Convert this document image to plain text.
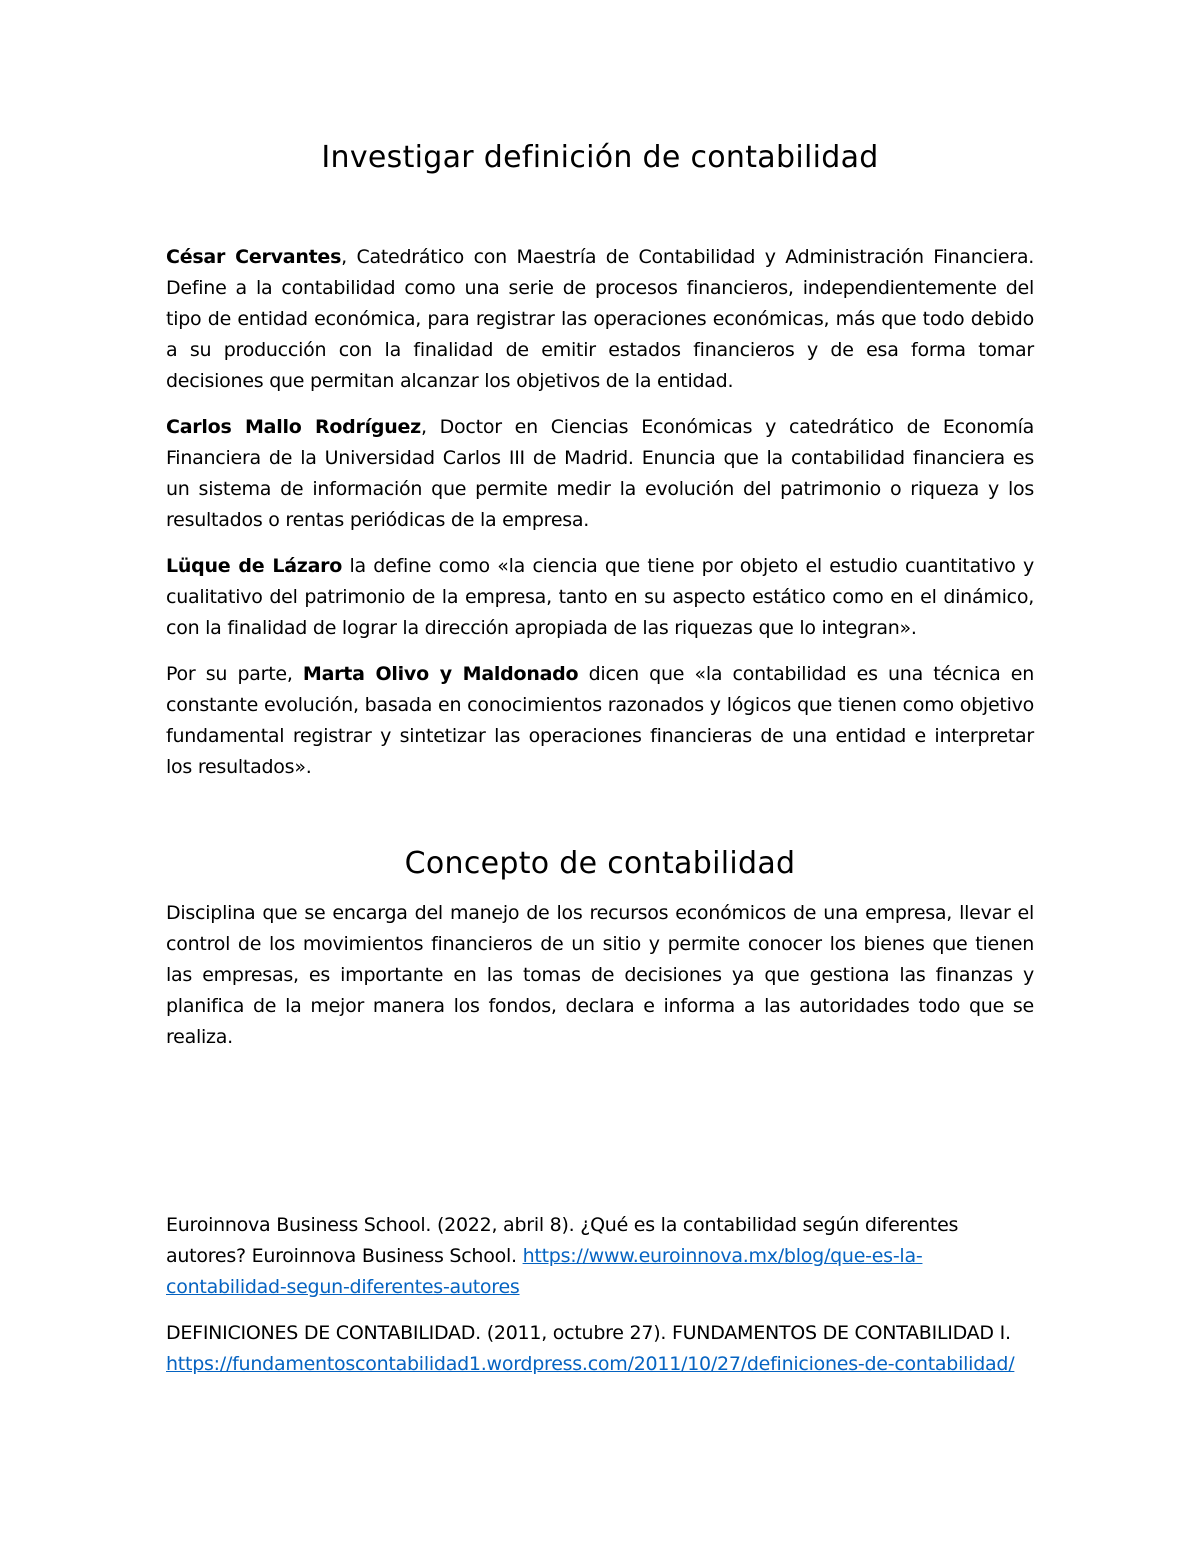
Investigar definición de contabilidad

César Cervantes, Catedrático con Maestría de Contabilidad y Administración Financiera. Define a la contabilidad como una serie de procesos financieros, independientemente del tipo de entidad económica, para registrar las operaciones económicas, más que todo debido a su producción con la finalidad de emitir estados financieros y de esa forma tomar decisiones que permitan alcanzar los objetivos de la entidad.

Carlos Mallo Rodríguez, Doctor en Ciencias Económicas y catedrático de Economía Financiera de la Universidad Carlos III de Madrid. Enuncia que la contabilidad financiera es un sistema de información que permite medir la evolución del patrimonio o riqueza y los resultados o rentas periódicas de la empresa.

Lüque de Lázaro la define como «la ciencia que tiene por objeto el estudio cuantitativo y cualitativo del patrimonio de la empresa, tanto en su aspecto estático como en el dinámico, con la finalidad de lograr la dirección apropiada de las riquezas que lo integran».

Por su parte, Marta Olivo y Maldonado dicen que «la contabilidad es una técnica en constante evolución, basada en conocimientos razonados y lógicos que tienen como objetivo fundamental registrar y sintetizar las operaciones financieras de una entidad e interpretar los resultados».

Concepto de contabilidad

Disciplina que se encarga del manejo de los recursos económicos de una empresa, llevar el control de los movimientos financieros de un sitio y permite conocer los bienes que tienen las empresas, es importante en las tomas de decisiones ya que gestiona las finanzas y planifica de la mejor manera los fondos, declara e informa a las autoridades todo que se realiza.

Euroinnova Business School. (2022, abril 8). ¿Qué es la contabilidad según diferentes autores? Euroinnova Business School. https://www.euroinnova.mx/blog/que-es-la-contabilidad-segun-diferentes-autores

DEFINICIONES DE CONTABILIDAD. (2011, octubre 27). FUNDAMENTOS DE CONTABILIDAD I. https://fundamentoscontabilidad1.wordpress.com/2011/10/27/definiciones-de-contabilidad/
